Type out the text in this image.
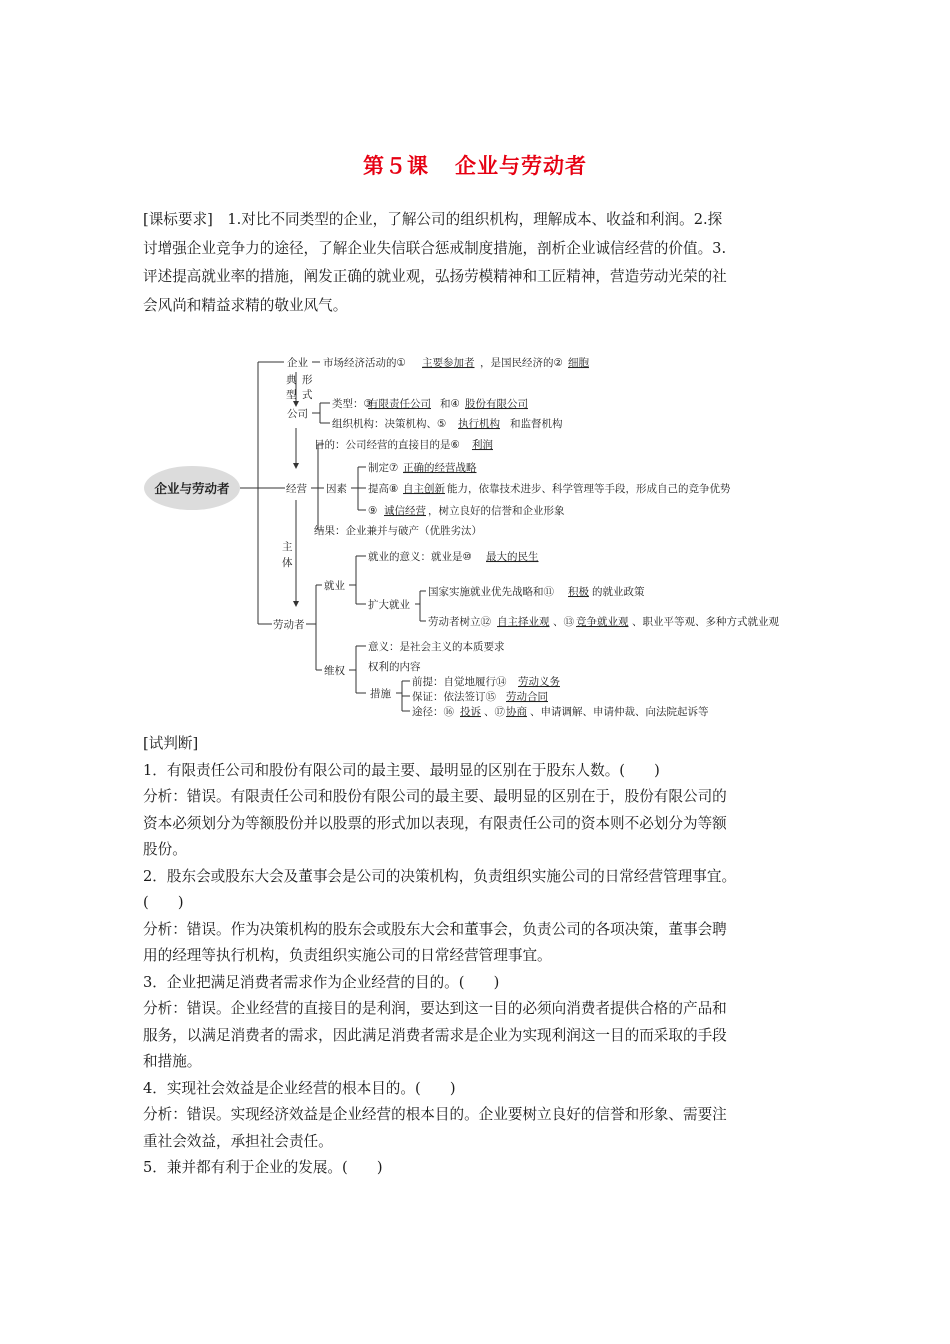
第５课 企业与劳动者
[课标要求]　1.对比不同类型的企业，了解公司的组织机构，理解成本、收益和利润。2.探
讨增强企业竞争力的途径，了解企业失信联合惩戒制度措施，剖析企业诚信经营的价值。3.
评述提高就业率的措施，阐发正确的就业观，弘扬劳模精神和工匠精神，营造劳动光荣的社
会风尚和精益求精的敬业风气。
企业与劳动者
企业 市场经济活动的① 主要参加者 ，是国民经济的② 细胞
典
型
形
式
公司
类型：③
有限责任公司 和④ 股份有限公司
组织机构：决策机构、⑤ 执行机构 和监督机构
经营
目的：公司经营的直接目的是⑥ 利润
因素
制定⑦ 正确的经营战略
提高⑧ 自主创新 能力，依靠技术进步、科学管理等手段，形成自己的竞争优势
⑨ 诚信经营 ，树立良好的信誉和企业形象
结果：企业兼并与破产（优胜劣汰）
主
体
劳动者
就业
就业的意义：就业是⑩ 最大的民生
扩大就业
国家实施就业优先战略和⑪ 积极 的就业政策
劳动者树立⑫ 自主择业观 、⑬ 竞争就业观 、职业平等观、多种方式就业观
维权
意义：是社会主义的本质要求
权利的内容
措施
前提：自觉地履行⑭ 劳动义务
保证：依法签订⑮ 劳动合同
途径：⑯ 投诉 、⑰ 协商 、申请调解、申请仲裁、向法院起诉等
[试判断]
1．有限责任公司和股份有限公司的最主要、最明显的区别在于股东人数。(　　)
分析：错误。有限责任公司和股份有限公司的最主要、最明显的区别在于，股份有限公司的
资本必须划分为等额股份并以股票的形式加以表现，有限责任公司的资本则不必划分为等额
股份。
2．股东会或股东大会及董事会是公司的决策机构，负责组织实施公司的日常经营管理事宜。
(　　)
分析：错误。作为决策机构的股东会或股东大会和董事会，负责公司的各项决策，董事会聘
用的经理等执行机构，负责组织实施公司的日常经营管理事宜。
3．企业把满足消费者需求作为企业经营的目的。(　　)
分析：错误。企业经营的直接目的是利润，要达到这一目的必须向消费者提供合格的产品和
服务，以满足消费者的需求，因此满足消费者需求是企业为实现利润这一目的而采取的手段
和措施。
4．实现社会效益是企业经营的根本目的。(　　)
分析：错误。实现经济效益是企业经营的根本目的。企业要树立良好的信誉和形象、需要注
重社会效益，承担社会责任。
5．兼并都有利于企业的发展。(　　)
